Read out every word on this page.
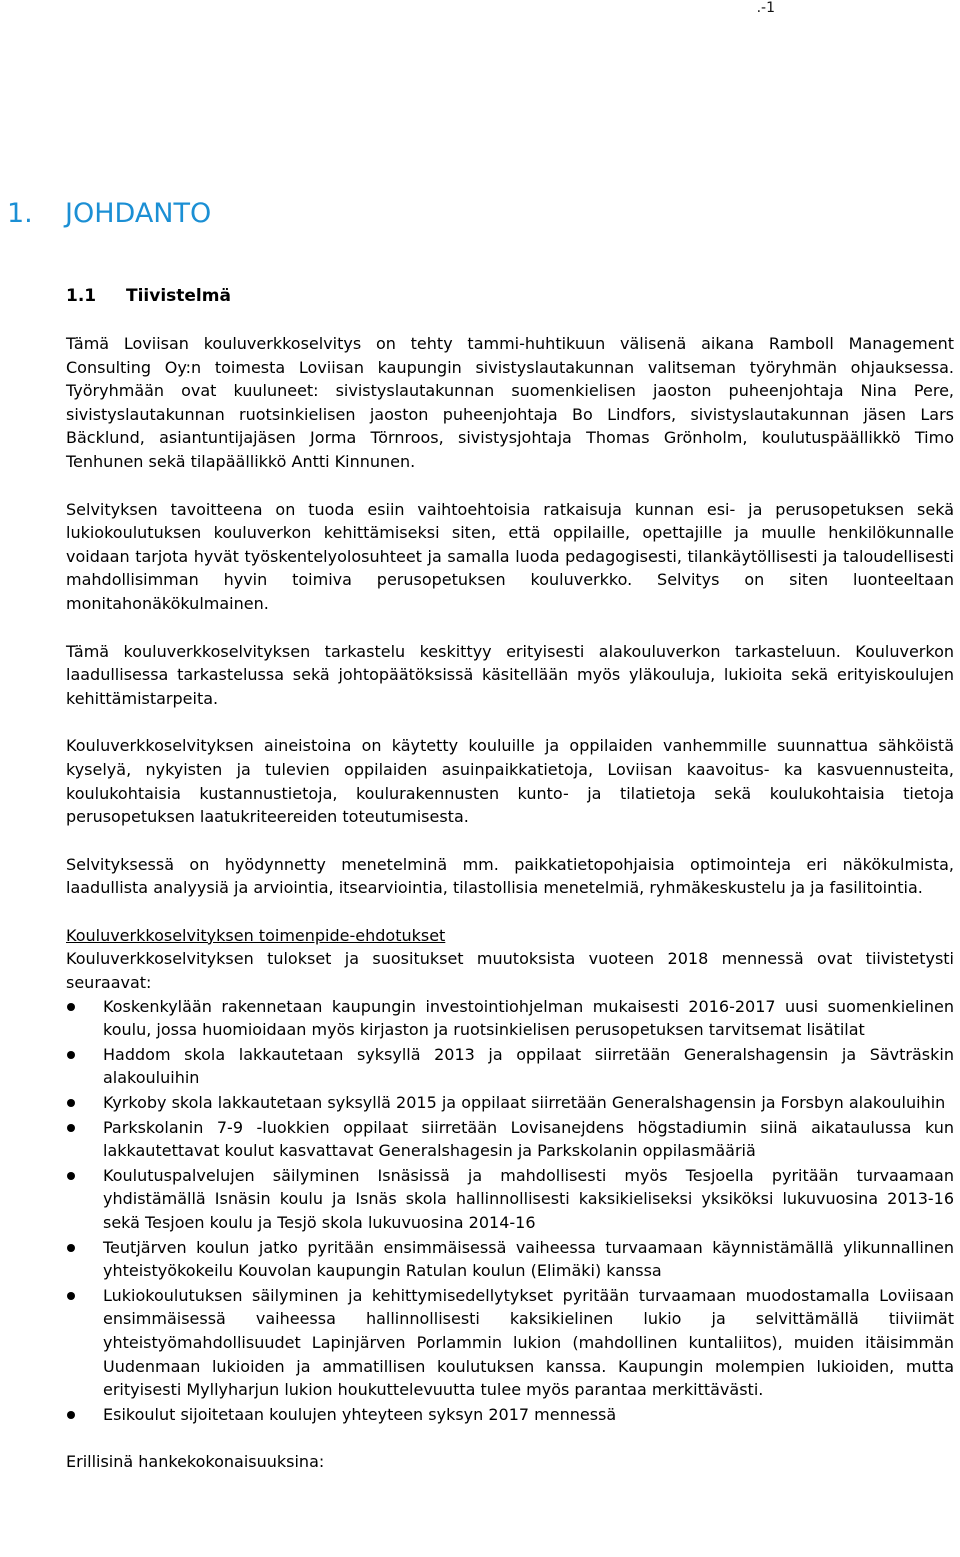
.-1
1. JOHDANTO
1.1 Tiivistelmä

Tämä Loviisan kouluverkkoselvitys on tehty tammi-huhtikuun välisenä aikana Ramboll Management Consulting Oy:n toimesta Loviisan kaupungin sivistyslautakunnan valitseman työryhmän ohjauksessa. Työryhmään ovat kuuluneet: sivistyslautakunnan suomenkielisen jaoston puheenjohtaja Nina Pere, sivistyslautakunnan ruotsinkielisen jaoston puheenjohtaja Bo Lindfors, sivistyslautakunnan jäsen Lars Bäcklund, asiantuntijajäsen Jorma Törnroos, sivistysjohtaja Thomas Grönholm, koulutuspäällikkö Timo Tenhunen sekä tilapäällikkö Antti Kinnunen.

Selvityksen tavoitteena on tuoda esiin vaihtoehtoisia ratkaisuja kunnan esi- ja perusopetuksen sekä lukiokoulutuksen kouluverkon kehittämiseksi siten, että oppilaille, opettajille ja muulle henkilökunnalle voidaan tarjota hyvät työskentelyolosuhteet ja samalla luoda pedagogisesti, tilankäytöllisesti ja taloudellisesti mahdollisimman hyvin toimiva perusopetuksen kouluverkko. Selvitys on siten luonteeltaan monitahonäkökulmainen.

Tämä kouluverkkoselvityksen tarkastelu keskittyy erityisesti alakouluverkon tarkasteluun. Kouluverkon laadullisessa tarkastelussa sekä johtopäätöksissä käsitellään myös yläkouluja, lukioita sekä erityiskoulujen kehittämistarpeita.

Kouluverkkoselvityksen aineistoina on käytetty kouluille ja oppilaiden vanhemmille suunnattua sähköistä kyselyä, nykyisten ja tulevien oppilaiden asuinpaikkatietoja, Loviisan kaavoitus- ka kasvuennusteita, koulukohtaisia kustannustietoja, koulurakennusten kunto- ja tilatietoja sekä koulukohtaisia tietoja perusopetuksen laatukriteereiden toteutumisesta.

Selvityksessä on hyödynnetty menetelminä mm. paikkatietopohjaisia optimointeja eri näkökulmista, laadullista analyysiä ja arviointia, itsearviointia, tilastollisia menetelmiä, ryhmäkeskustelu ja ja fasilitointia.

Kouluverkkoselvityksen toimenpide-ehdotukset

Kouluverkkoselvityksen tulokset ja suositukset muutoksista vuoteen 2018 mennessä ovat tiivistetysti seuraavat:

Koskenkylään rakennetaan kaupungin investointiohjelman mukaisesti 2016-2017 uusi suomenkielinen koulu, jossa huomioidaan myös kirjaston ja ruotsinkielisen perusopetuksen tarvitsemat lisätilat
Haddom skola lakkautetaan syksyllä 2013 ja oppilaat siirretään Generalshagensin ja Sävträskin alakouluihin
Kyrkoby skola lakkautetaan syksyllä 2015 ja oppilaat siirretään Generalshagensin ja Forsbyn alakouluihin
Parkskolanin 7-9 -luokkien oppilaat siirretään Lovisanejdens högstadiumin siinä aikataulussa kun lakkautettavat koulut kasvattavat Generalshagesin ja Parkskolanin oppilasmääriä
Koulutuspalvelujen säilyminen Isnäsissä ja mahdollisesti myös Tesjoella pyritään turvaamaan yhdistämällä Isnäsin koulu ja Isnäs skola hallinnollisesti kaksikieliseksi yksiköksi lukuvuosina 2013-16 sekä Tesjoen koulu ja Tesjö skola lukuvuosina 2014-16
Teutjärven koulun jatko pyritään ensimmäisessä vaiheessa turvaamaan käynnistämällä ylikunnallinen yhteistyökokeilu Kouvolan kaupungin Ratulan koulun (Elimäki) kanssa
Lukiokoulutuksen säilyminen ja kehittymisedellytykset pyritään turvaamaan muodostamalla Loviisaan ensimmäisessä vaiheessa hallinnollisesti kaksikielinen lukio ja selvittämällä tiiviimät yhteistyömahdollisuudet Lapinjärven Porlammin lukion (mahdollinen kuntaliitos), muiden itäisimmän Uudenmaan lukioiden ja ammatillisen koulutuksen kanssa. Kaupungin molempien lukioiden, mutta erityisesti Myllyharjun lukion houkuttelevuutta tulee myös parantaa merkittävästi.
Esikoulut sijoitetaan koulujen yhteyteen syksyn 2017 mennessä

Erillisinä hankekokonaisuuksina:
